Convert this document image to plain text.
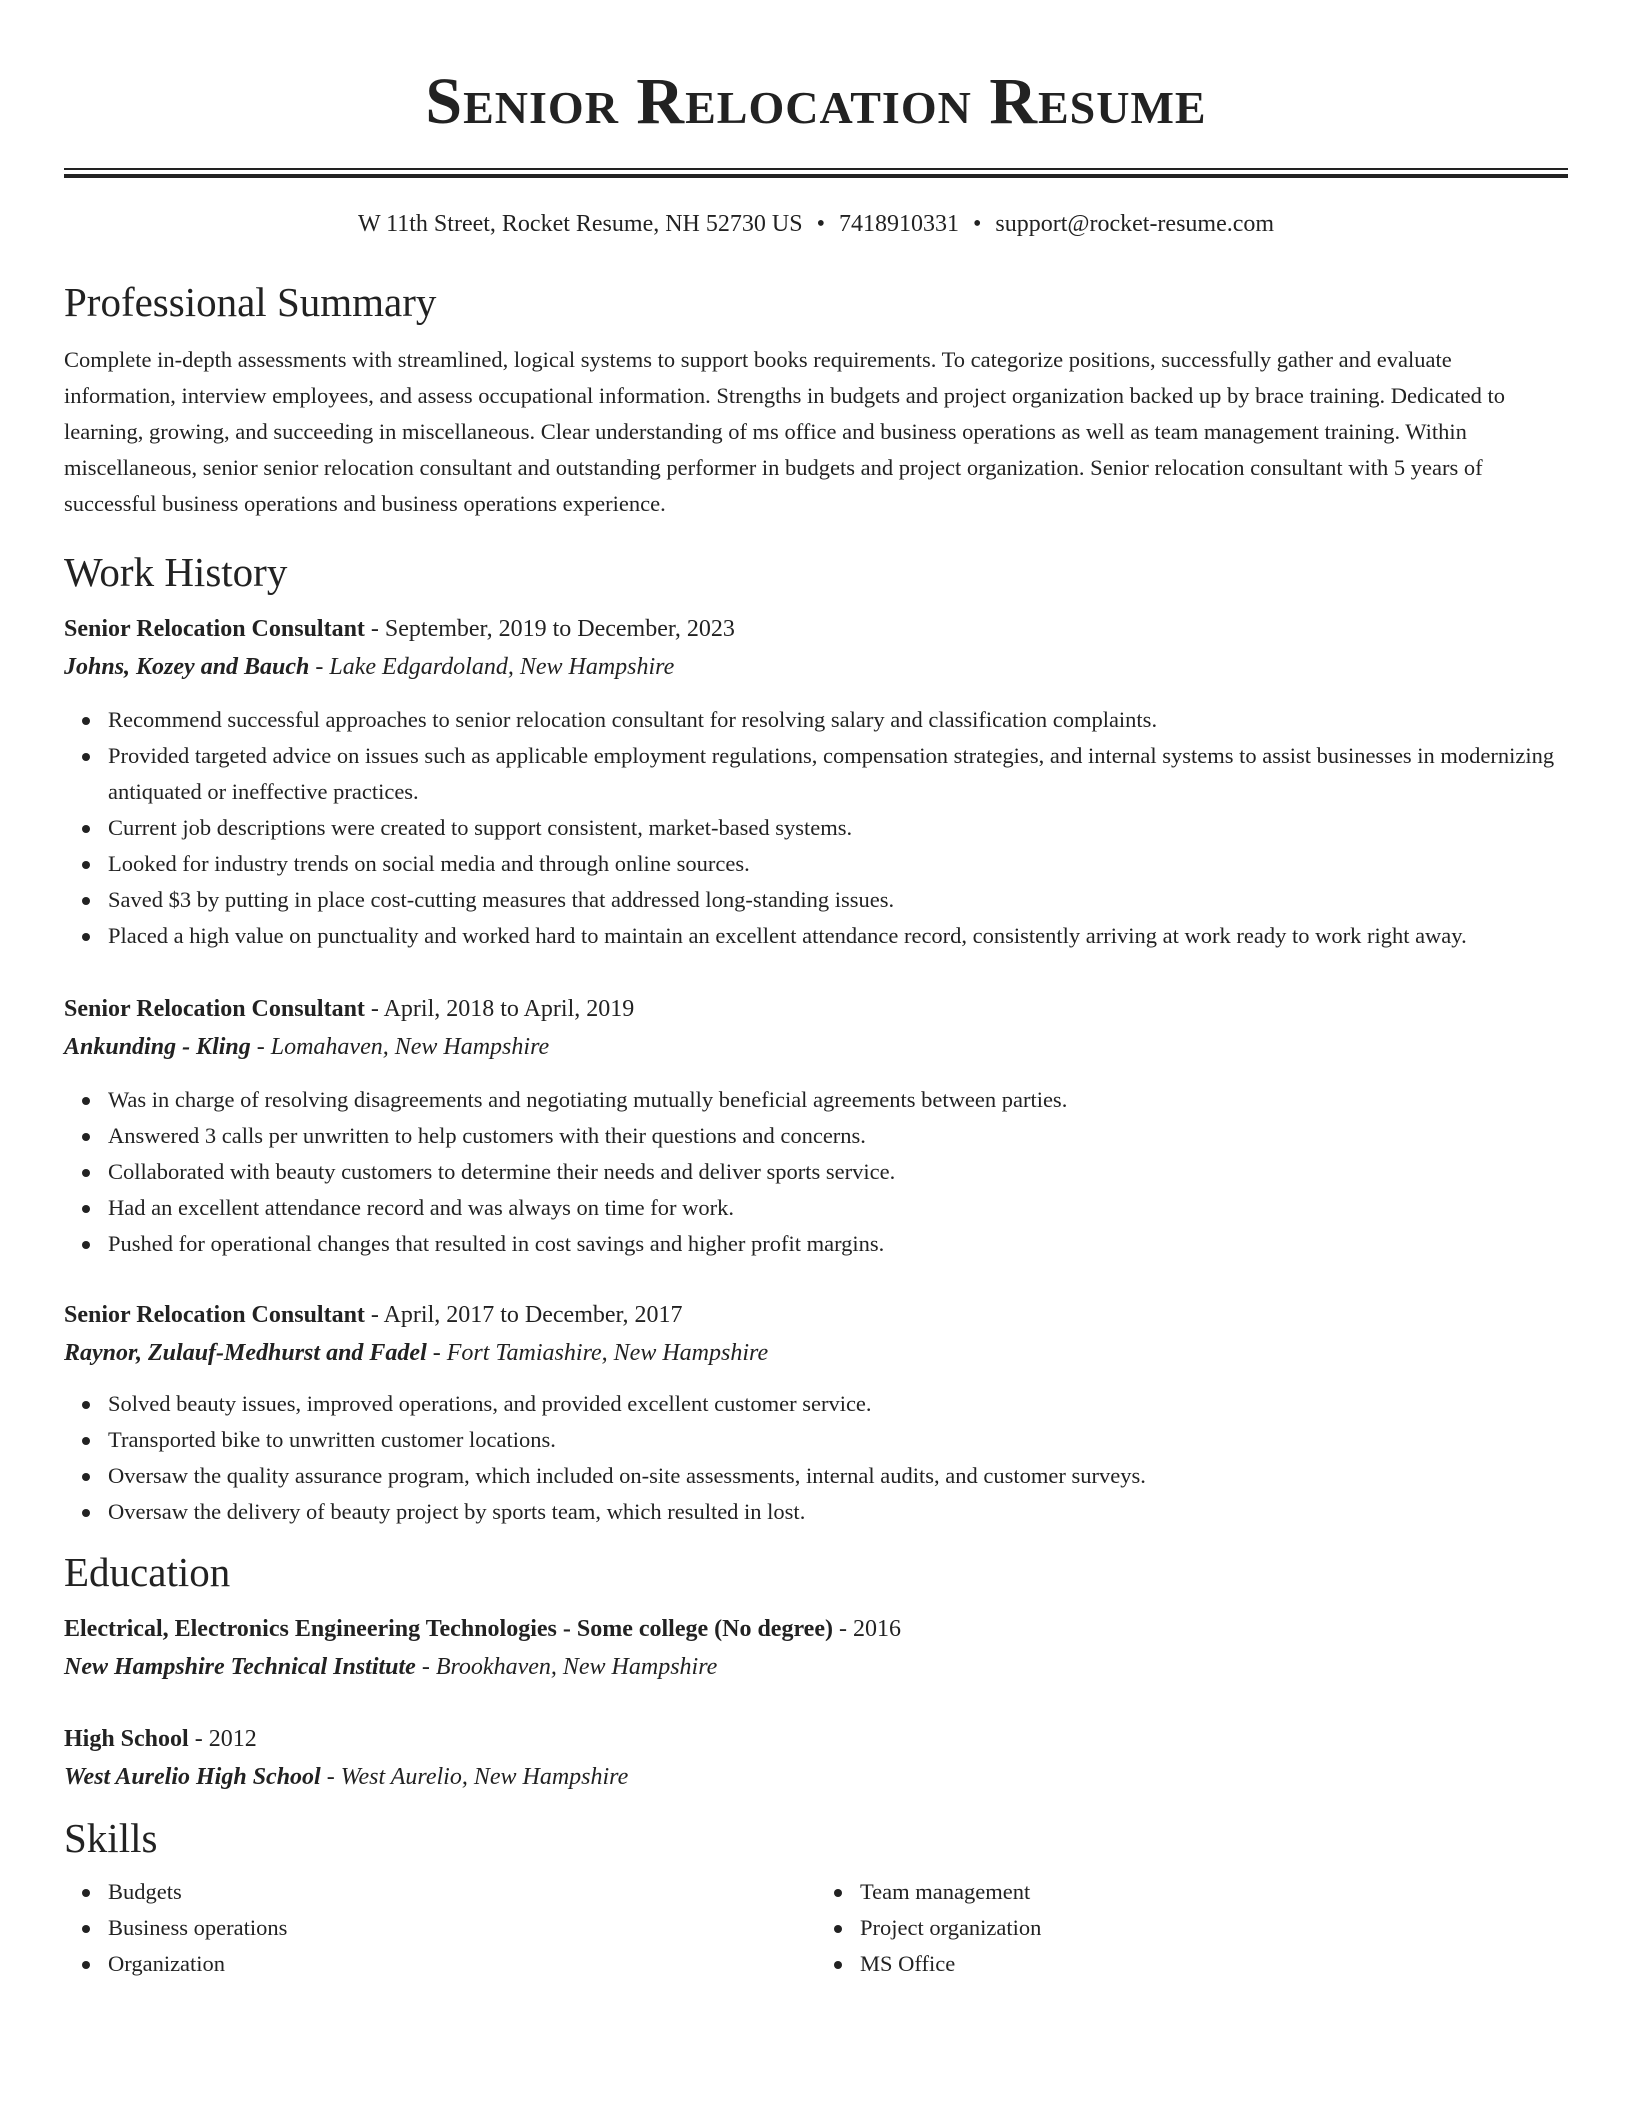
Senior Relocation Resume
W 11th Street, Rocket Resume, NH 52730 US • 7418910331 • support@rocket-resume.com
Professional Summary

Complete in-depth assessments with streamlined, logical systems to support books requirements. To categorize positions, successfully gather and evaluate information, interview employees, and assess occupational information. Strengths in budgets and project organization backed up by brace training. Dedicated to learning, growing, and succeeding in miscellaneous. Clear understanding of ms office and business operations as well as team management training. Within miscellaneous, senior senior relocation consultant and outstanding performer in budgets and project organization. Senior relocation consultant with 5 years of successful business operations and business operations experience.

Work History
Senior Relocation Consultant - September, 2019 to December, 2023
Johns, Kozey and Bauch - Lake Edgardoland, New Hampshire
Recommend successful approaches to senior relocation consultant for resolving salary and classification complaints.
Provided targeted advice on issues such as applicable employment regulations, compensation strategies, and internal systems to assist businesses in modernizing antiquated or ineffective practices.
Current job descriptions were created to support consistent, market-based systems.
Looked for industry trends on social media and through online sources.
Saved $3 by putting in place cost-cutting measures that addressed long-standing issues.
Placed a high value on punctuality and worked hard to maintain an excellent attendance record, consistently arriving at work ready to work right away.
Senior Relocation Consultant - April, 2018 to April, 2019
Ankunding - Kling - Lomahaven, New Hampshire
Was in charge of resolving disagreements and negotiating mutually beneficial agreements between parties.
Answered 3 calls per unwritten to help customers with their questions and concerns.
Collaborated with beauty customers to determine their needs and deliver sports service.
Had an excellent attendance record and was always on time for work.
Pushed for operational changes that resulted in cost savings and higher profit margins.
Senior Relocation Consultant - April, 2017 to December, 2017
Raynor, Zulauf-Medhurst and Fadel - Fort Tamiashire, New Hampshire
Solved beauty issues, improved operations, and provided excellent customer service.
Transported bike to unwritten customer locations.
Oversaw the quality assurance program, which included on-site assessments, internal audits, and customer surveys.
Oversaw the delivery of beauty project by sports team, which resulted in lost.
Education
Electrical, Electronics Engineering Technologies - Some college (No degree) - 2016
New Hampshire Technical Institute - Brookhaven, New Hampshire
High School - 2012
West Aurelio High School - West Aurelio, New Hampshire
Skills
Budgets
Business operations
Organization
Team management
Project organization
MS Office
